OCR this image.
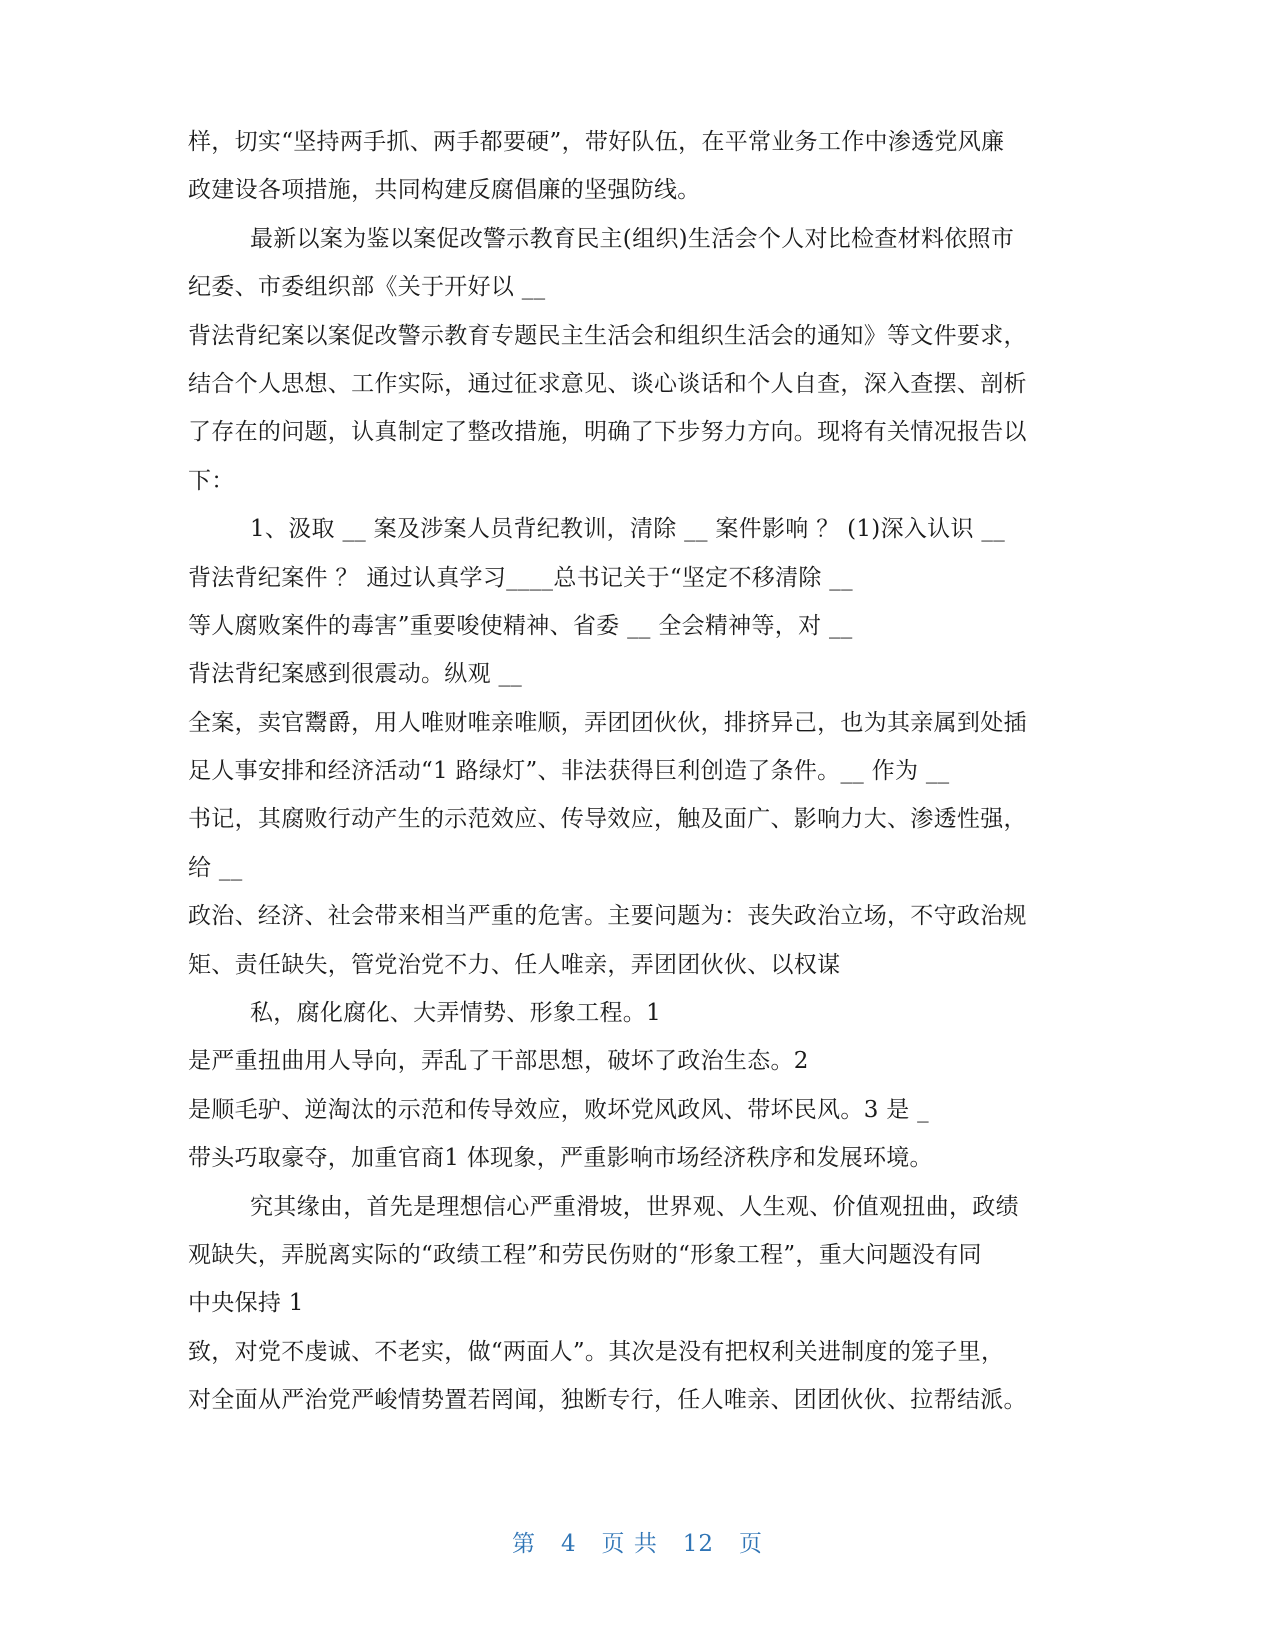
样，切实“坚持两手抓、两手都要硬”，带好队伍，在平常业务工作中渗透党风廉
政建设各项措施，共同构建反腐倡廉的坚强防线。
最新以案为鉴以案促改警示教育民主(组织)生活会个人对比检查材料依照市
纪委、市委组织部《关于开好以 __
背法背纪案以案促改警示教育专题民主生活会和组织生活会的通知》等文件要求，
结合个人思想、工作实际，通过征求意见、谈心谈话和个人自查，深入查摆、剖析
了存在的问题，认真制定了整改措施，明确了下步努力方向。现将有关情况报告以
下：
1、汲取 __ 案及涉案人员背纪教训，清除 __ 案件影响 ？ (1)深入认识 __
背法背纪案件 ？ 通过认真学习____总书记关于“坚定不移清除 __
等人腐败案件的毒害”重要唆使精神、省委 __ 全会精神等，对 __
背法背纪案感到很震动。纵观 __
全案，卖官鬻爵，用人唯财唯亲唯顺，弄团团伙伙，排挤异己，也为其亲属到处插
足人事安排和经济活动“1 路绿灯”、非法获得巨利创造了条件。__ 作为 __
书记，其腐败行动产生的示范效应、传导效应，触及面广、影响力大、渗透性强，
给 __
政治、经济、社会带来相当严重的危害。主要问题为：丧失政治立场，不守政治规
矩、责任缺失，管党治党不力、任人唯亲，弄团团伙伙、以权谋
私，腐化腐化、大弄情势、形象工程。1
是严重扭曲用人导向，弄乱了干部思想，破坏了政治生态。2
是顺毛驴、逆淘汰的示范和传导效应，败坏党风政风、带坏民风。3 是 _
带头巧取豪夺，加重官商1 体现象，严重影响市场经济秩序和发展环境。
究其缘由，首先是理想信心严重滑坡，世界观、人生观、价值观扭曲，政绩
观缺失，弄脱离实际的“政绩工程”和劳民伤财的“形象工程”，重大问题没有同
中央保持 1
致，对党不虔诚、不老实，做“两面人”。其次是没有把权利关进制度的笼子里，
对全面从严治党严峻情势置若罔闻，独断专行，任人唯亲、团团伙伙、拉帮结派。
第 4 页 共 12 页
